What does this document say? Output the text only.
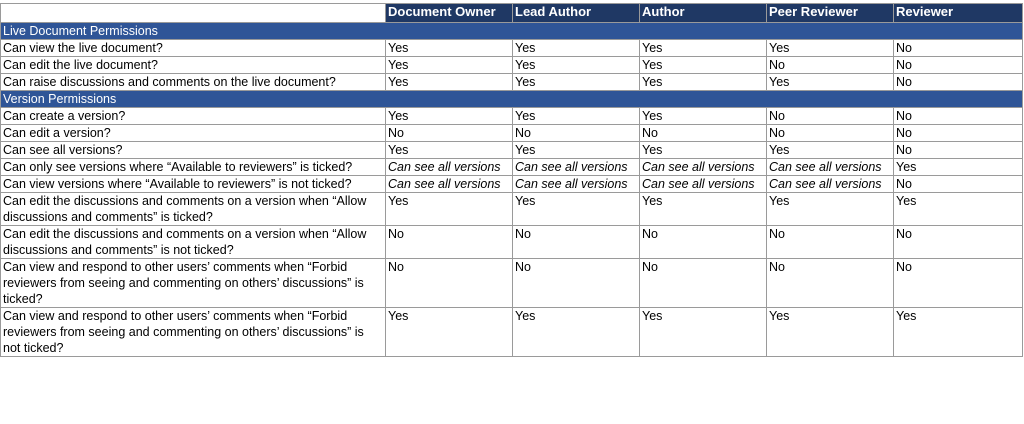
	Document Owner	Lead Author	Author	Peer Reviewer	Reviewer
Live Document Permissions					
Can view the live document?	Yes	Yes	Yes	Yes	No
Can edit the live document?	Yes	Yes	Yes	No	No
Can raise discussions and comments on the live document?	Yes	Yes	Yes	Yes	No
Version Permissions					
Can create a version?	Yes	Yes	Yes	No	No
Can edit a version?	No	No	No	No	No
Can see all versions?	Yes	Yes	Yes	Yes	No
Can only see versions where “Available to reviewers” is ticked?	Can see all versions	Can see all versions	Can see all versions	Can see all versions	Yes
Can view versions where “Available to reviewers” is not ticked?	Can see all versions	Can see all versions	Can see all versions	Can see all versions	No
Can edit the discussions and comments on a version when “Allow discussions and comments” is ticked?	Yes	Yes	Yes	Yes	Yes
Can edit the discussions and comments on a version when “Allow discussions and comments” is not ticked?	No	No	No	No	No
Can view and respond to other users’ comments when “Forbid reviewers from seeing and commenting on others’ discussions” is ticked?	No	No	No	No	No
Can view and respond to other users’ comments when “Forbid reviewers from seeing and commenting on others’ discussions” is not ticked?	Yes	Yes	Yes	Yes	Yes
